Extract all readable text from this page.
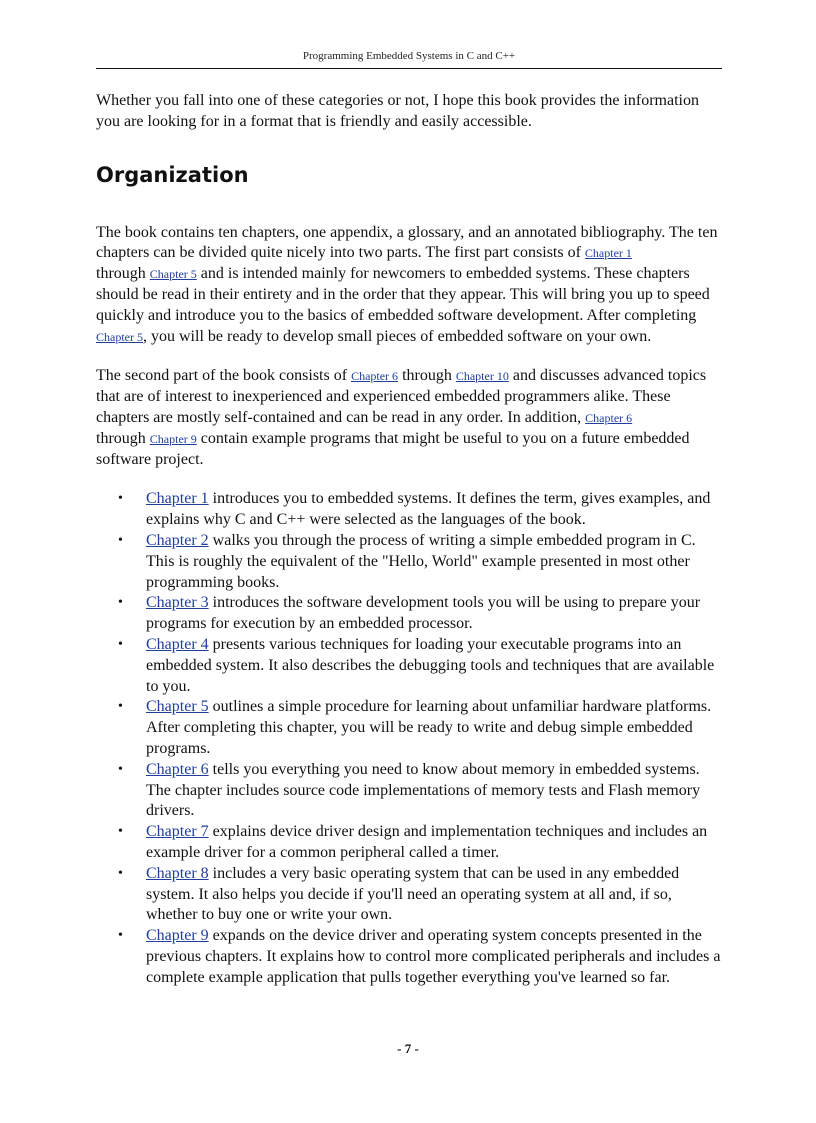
Programming Embedded Systems in C and C++

Whether you fall into one of these categories or not, I hope this book provides the information you are looking for in a format that is friendly and easily accessible.

Organization

The book contains ten chapters, one appendix, a glossary, and an annotated bibliography. The ten chapters can be divided quite nicely into two parts. The first part consists of Chapter 1
through Chapter 5 and is intended mainly for newcomers to embedded systems. These chapters should be read in their entirety and in the order that they appear. This will bring you up to speed quickly and introduce you to the basics of embedded software development. After completing Chapter 5, you will be ready to develop small pieces of embedded software on your own.

The second part of the book consists of Chapter 6 through Chapter 10 and discusses advanced topics that are of interest to inexperienced and experienced embedded programmers alike. These chapters are mostly self-contained and can be read in any order. In addition, Chapter 6
through Chapter 9 contain example programs that might be useful to you on a future embedded software project.

• Chapter 1 introduces you to embedded systems. It defines the term, gives examples, and explains why C and C++ were selected as the languages of the book.
• Chapter 2 walks you through the process of writing a simple embedded program in C. This is roughly the equivalent of the "Hello, World" example presented in most other programming books.
• Chapter 3 introduces the software development tools you will be using to prepare your programs for execution by an embedded processor.
• Chapter 4 presents various techniques for loading your executable programs into an embedded system. It also describes the debugging tools and techniques that are available to you.
• Chapter 5 outlines a simple procedure for learning about unfamiliar hardware platforms. After completing this chapter, you will be ready to write and debug simple embedded programs.
• Chapter 6 tells you everything you need to know about memory in embedded systems. The chapter includes source code implementations of memory tests and Flash memory drivers.
• Chapter 7 explains device driver design and implementation techniques and includes an example driver for a common peripheral called a timer.
• Chapter 8 includes a very basic operating system that can be used in any embedded system. It also helps you decide if you'll need an operating system at all and, if so, whether to buy one or write your own.
• Chapter 9 expands on the device driver and operating system concepts presented in the previous chapters. It explains how to control more complicated peripherals and includes a complete example application that pulls together everything you've learned so far.
- 7 -
